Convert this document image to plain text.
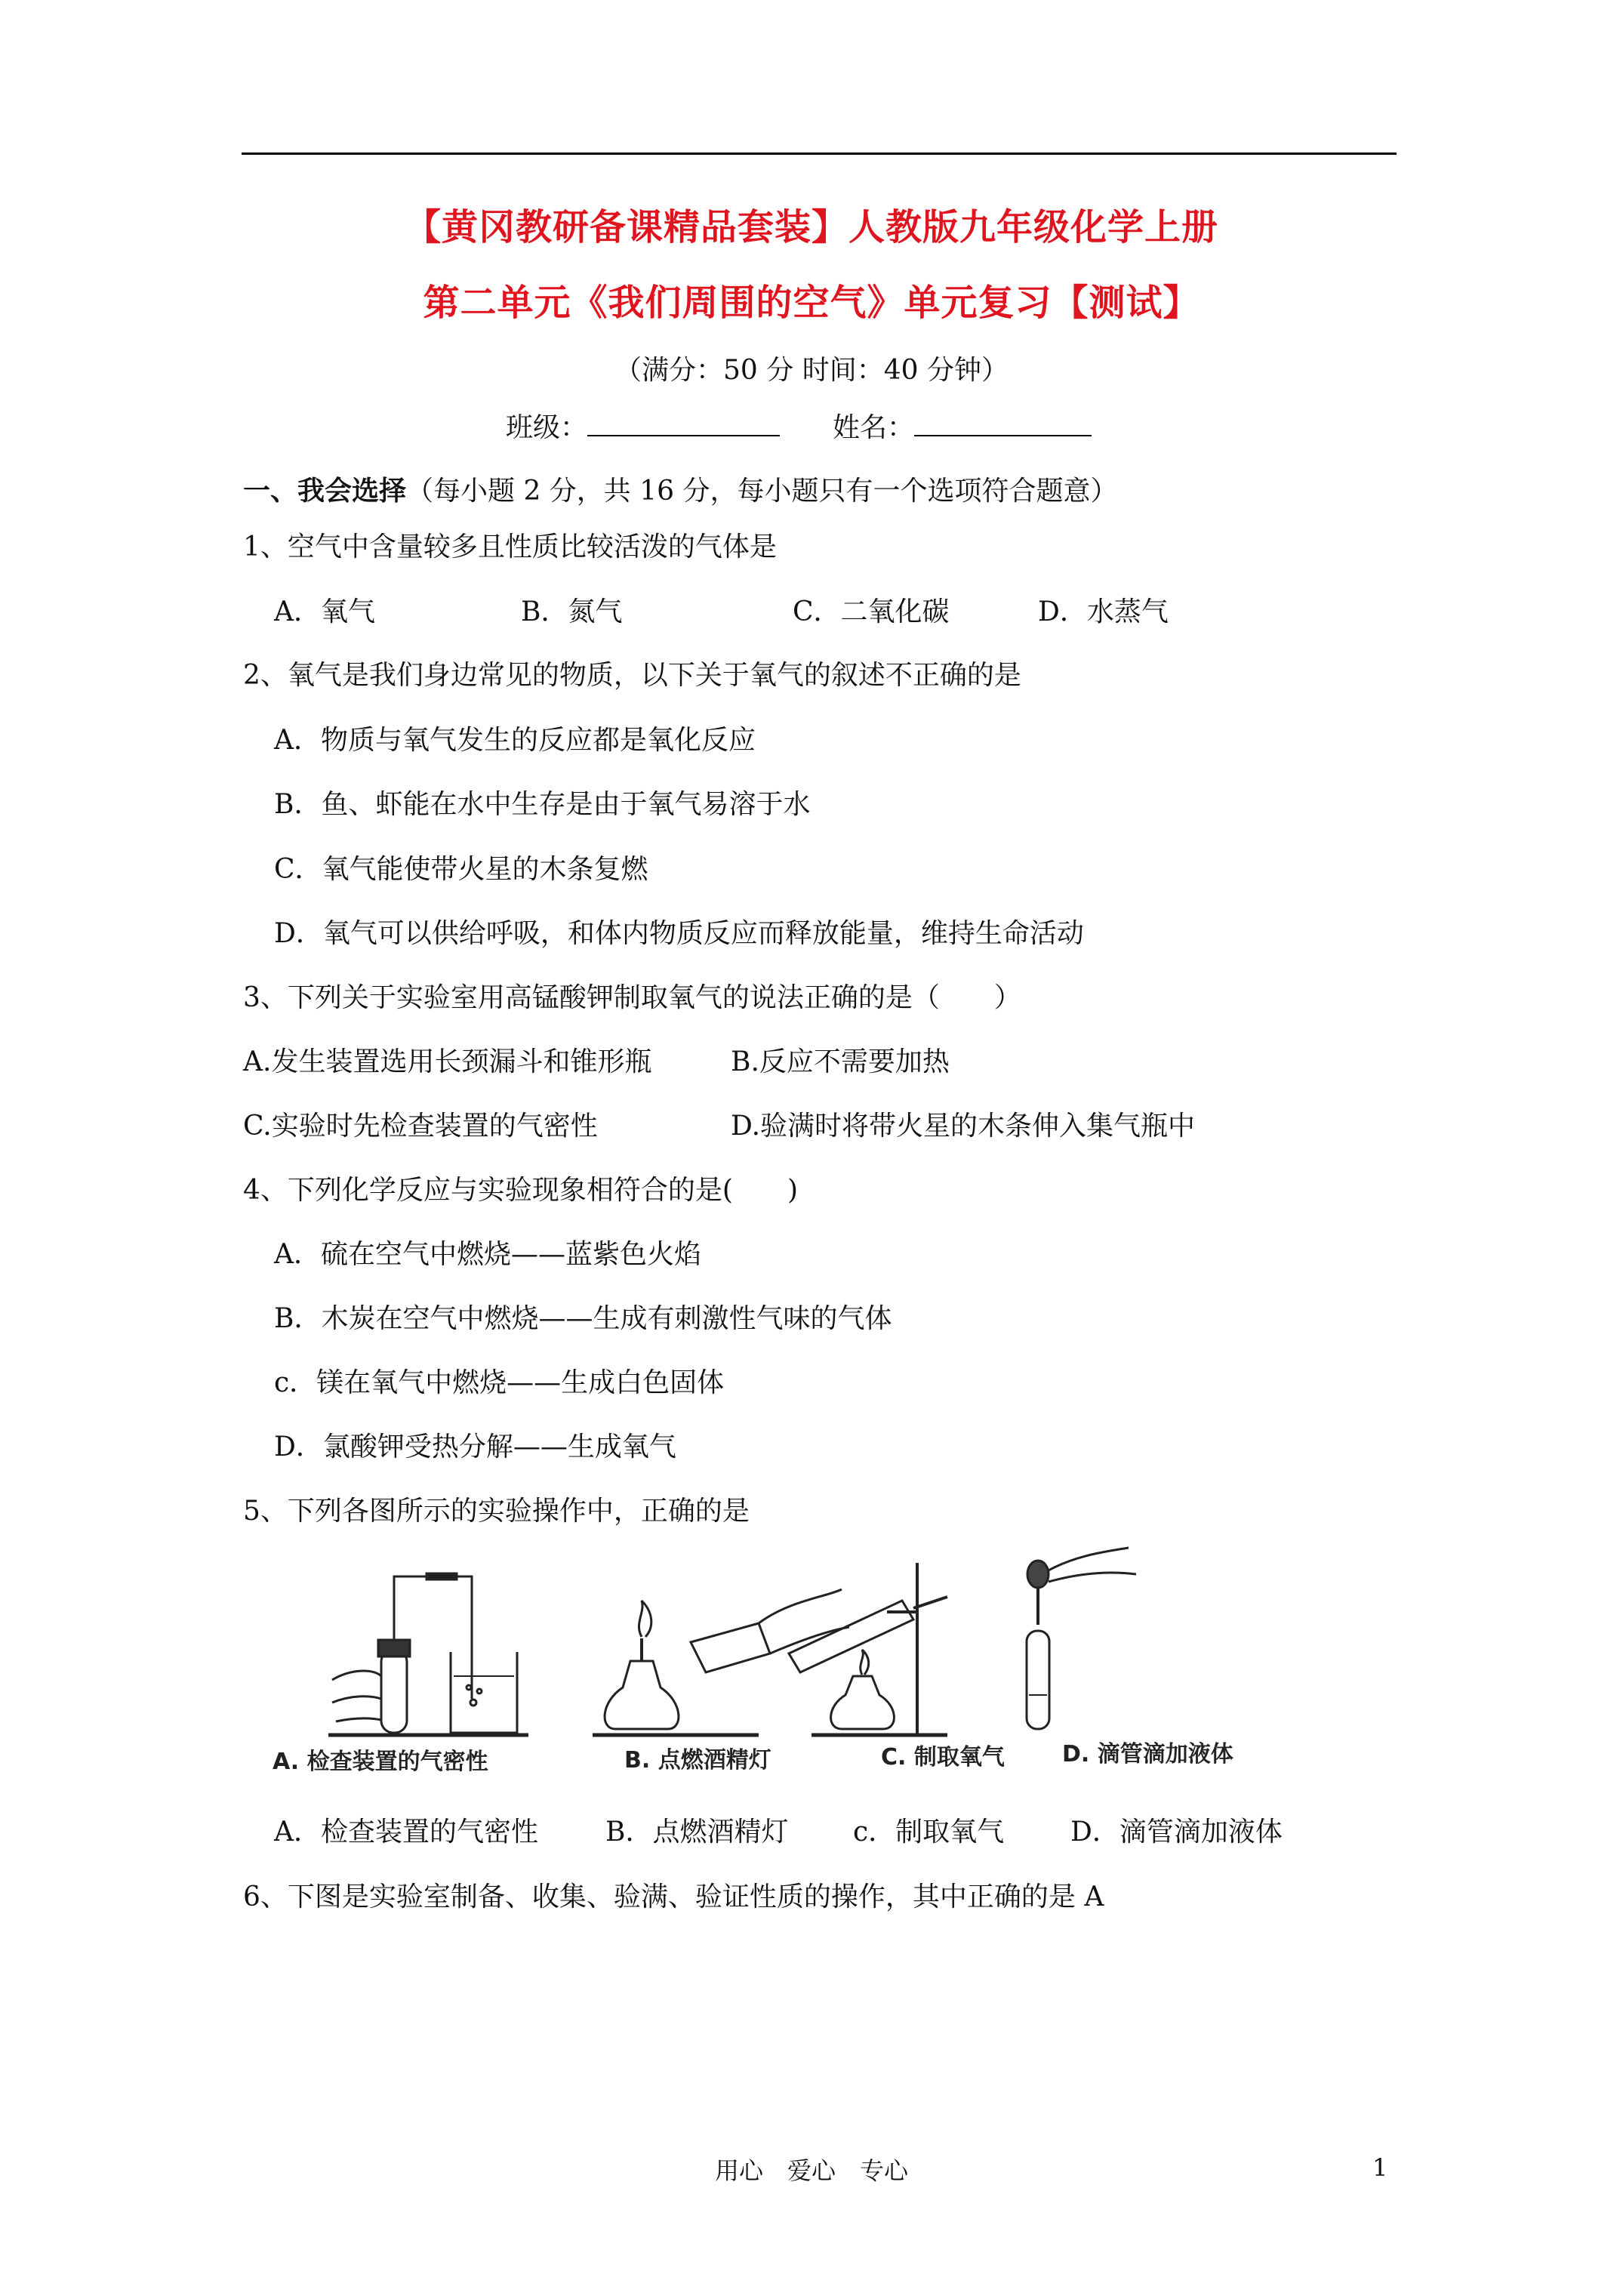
【黄冈教研备课精品套装】人教版九年级化学上册
第二单元《我们周围的空气》单元复习【测试】
（满分：50 分 时间：40 分钟）
班级：	姓名：
一、我会选择（每小题 2 分，共 16 分，每小题只有一个选项符合题意）
1、空气中含量较多且性质比较活泼的气体是
A．氧气	B．氮气	C．二氧化碳	D．水蒸气
2、氧气是我们身边常见的物质，以下关于氧气的叙述不正确的是
A．物质与氧气发生的反应都是氧化反应
B．鱼、虾能在水中生存是由于氧气易溶于水
C．氧气能使带火星的木条复燃
D．氧气可以供给呼吸，和体内物质反应而释放能量，维持生命活动
3、下列关于实验室用高锰酸钾制取氧气的说法正确的是（　　）
A.发生装置选用长颈漏斗和锥形瓶	B.反应不需要加热
C.实验时先检查装置的气密性	D.验满时将带火星的木条伸入集气瓶中
4、下列化学反应与实验现象相符合的是(　　)
A．硫在空气中燃烧——蓝紫色火焰
B．木炭在空气中燃烧——生成有刺激性气味的气体
c．镁在氧气中燃烧——生成白色固体
D．氯酸钾受热分解——生成氧气
5、下列各图所示的实验操作中，正确的是
A. 检查装置的气密性	B. 点燃酒精灯	C. 制取氧气	D. 滴管滴加液体
A．检查装置的气密性 B．点燃酒精灯 c．制取氧气 D．滴管滴加液体
6、下图是实验室制备、收集、验满、验证性质的操作，其中正确的是 A
用心　爱心　专心	1
